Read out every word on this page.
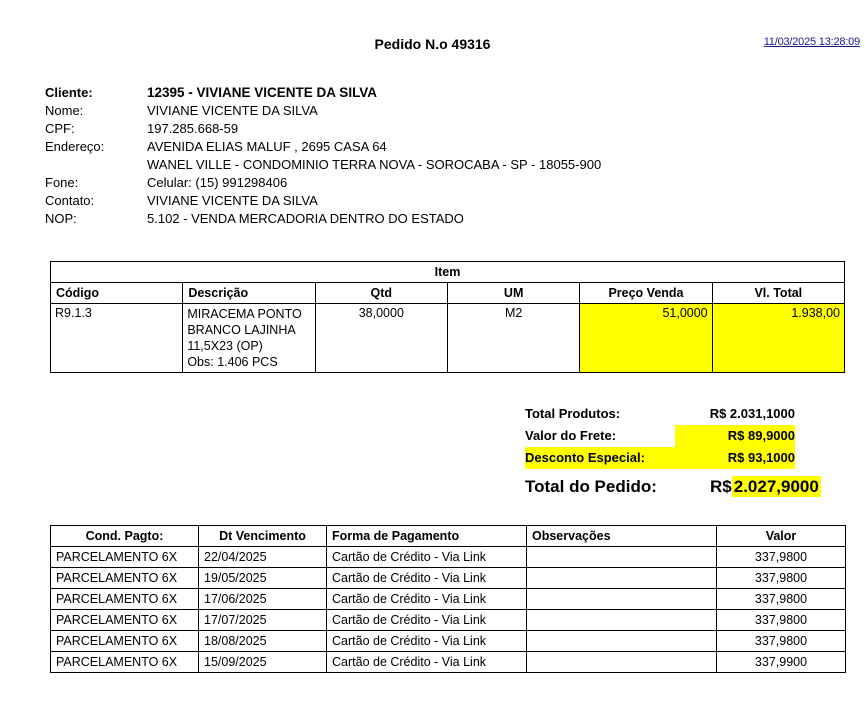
11/03/2025 13:28:09
Pedido N.o 49316
Cliente:	12395 - VIVIANE VICENTE DA SILVA
Nome:	VIVIANE VICENTE DA SILVA
CPF:	197.285.668-59
Endereço:	AVENIDA ELIAS MALUF , 2695 CASA 64
WANEL VILLE - CONDOMINIO TERRA NOVA - SOROCABA - SP - 18055-900
Fone:	Celular: (15) 991298406
Contato:	VIVIANE VICENTE DA SILVA
NOP:	5.102 - VENDA MERCADORIA DENTRO DO ESTADO
Item					
Código	Descrição	Qtd	UM	Preço Venda	Vl. Total
R9.1.3	MIRACEMA PONTO BRANCO LAJINHA
11,5X23 (OP)
Obs: 1.406 PCS	38,0000	M2	51,0000	1.938,00
Total Produtos:	R$ 2.031,1000
Valor do Frete:	R$ 89,9000
Desconto Especial:	R$ 93,1000
Total do Pedido:	R$ 2.027,9000
Cond. Pagto:	Dt Vencimento	Forma de Pagamento	Observações	Valor
PARCELAMENTO 6X	22/04/2025	Cartão de Crédito - Via Link		337,9800
PARCELAMENTO 6X	19/05/2025	Cartão de Crédito - Via Link		337,9800
PARCELAMENTO 6X	17/06/2025	Cartão de Crédito - Via Link		337,9800
PARCELAMENTO 6X	17/07/2025	Cartão de Crédito - Via Link		337,9800
PARCELAMENTO 6X	18/08/2025	Cartão de Crédito - Via Link		337,9800
PARCELAMENTO 6X	15/09/2025	Cartão de Crédito - Via Link		337,9900
